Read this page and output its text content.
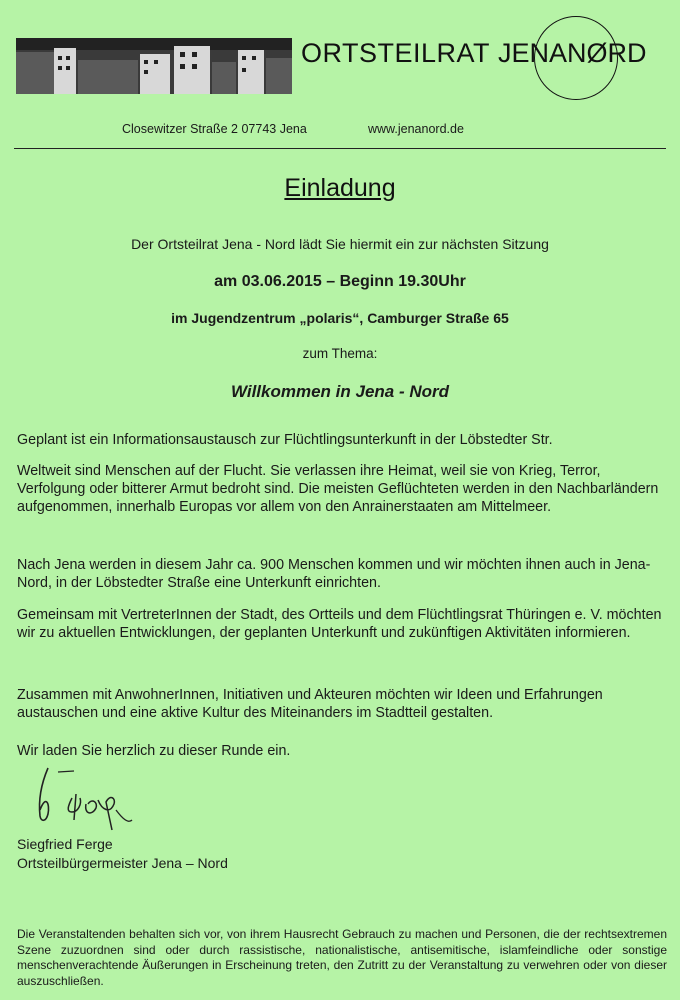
ORTSTEILRAT JENANØRD
Closewitzer Straße 2 07743 Jena	www.jenanord.de
Einladung
Der Ortsteilrat Jena - Nord lädt Sie hiermit ein zur nächsten Sitzung
am 03.06.2015 – Beginn 19.30Uhr
im Jugendzentrum „polaris“, Camburger Straße 65
zum Thema:
Willkommen in Jena - Nord
Geplant ist ein Informationsaustausch zur Flüchtlingsunterkunft in der Löbstedter Str.
Weltweit sind Menschen auf der Flucht. Sie verlassen ihre Heimat, weil sie von Krieg, Terror, Verfolgung oder bitterer Armut bedroht sind. Die meisten Geflüchteten werden in den Nachbarländern aufgenommen, innerhalb Europas vor allem von den Anrainerstaaten am Mittelmeer.
Nach Jena werden in diesem Jahr ca. 900 Menschen kommen und wir möchten ihnen auch in Jena- Nord, in der Löbstedter Straße eine Unterkunft einrichten.
Gemeinsam mit VertreterInnen der Stadt, des Ortteils und dem Flüchtlingsrat Thüringen e. V. möchten wir zu aktuellen Entwicklungen, der geplanten Unterkunft und zukünftigen Aktivitäten informieren.
Zusammen mit AnwohnerInnen, Initiativen und Akteuren möchten wir Ideen und Erfahrungen austauschen und eine aktive Kultur des Miteinanders im Stadtteil gestalten.
Wir laden Sie herzlich zu dieser Runde ein.
Siegfried Ferge
Ortsteilbürgermeister Jena – Nord
Die Veranstaltenden behalten sich vor, von ihrem Hausrecht Gebrauch zu machen und Personen, die der rechtsextremen Szene zuzuordnen sind oder durch rassistische, nationalistische, antisemitische, islamfeindliche oder sonstige menschenverachtende Äußerungen in Erscheinung treten, den Zutritt zu der Veranstaltung zu verwehren oder von dieser auszuschließen.
